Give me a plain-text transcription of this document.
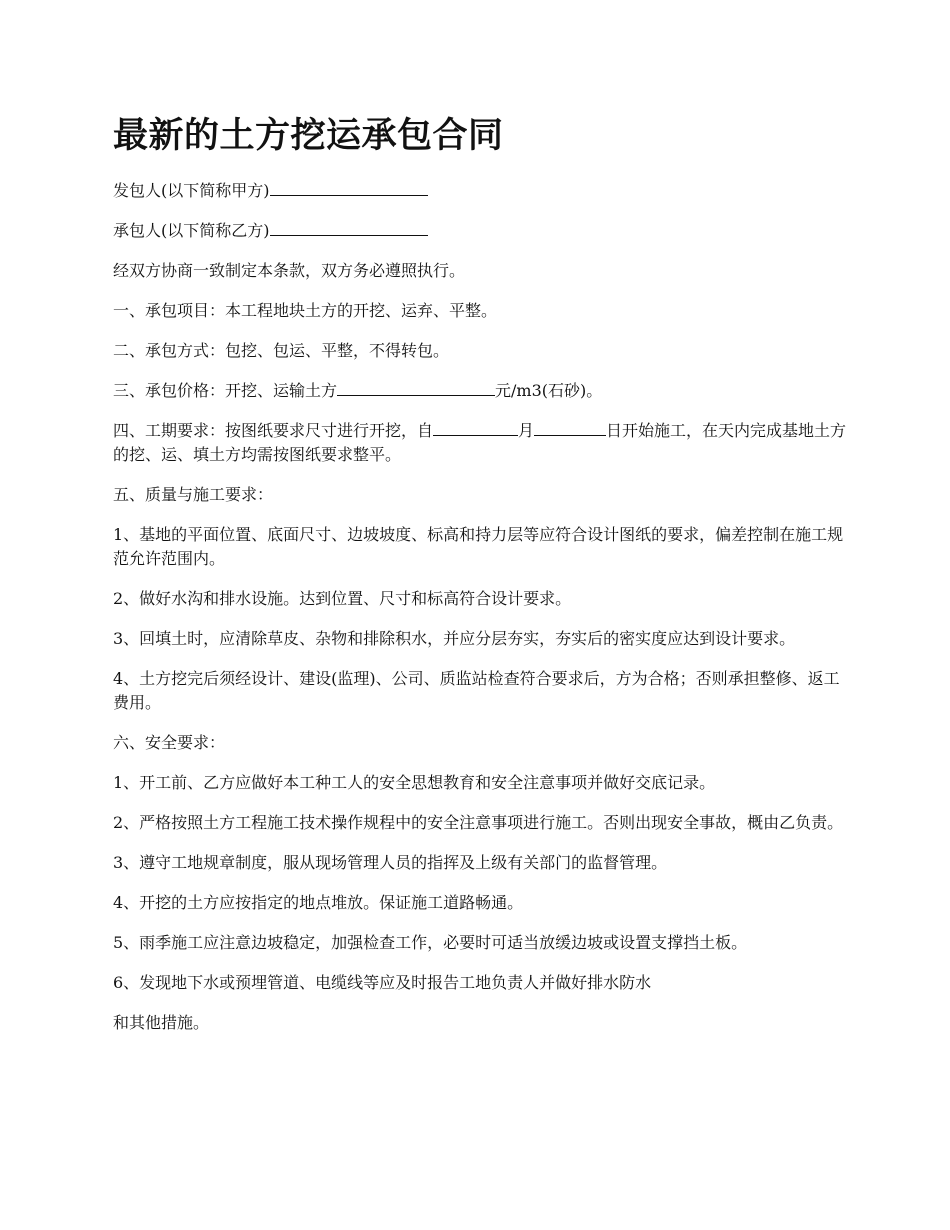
最新的土方挖运承包合同

发包人(以下简称甲方)

承包人(以下简称乙方)

经双方协商一致制定本条款，双方务必遵照执行。

一、承包项目：本工程地块土方的开挖、运弃、平整。

二、承包方式：包挖、包运、平整，不得转包。

三、承包价格：开挖、运输土方	元/m3(石砂)。

四、工期要求：按图纸要求尺寸进行开挖，自	月	日开始施工，在天内完成基地土方的挖、运、填土方均需按图纸要求整平。

五、质量与施工要求：

1、基地的平面位置、底面尺寸、边坡坡度、标高和持力层等应符合设计图纸的要求，偏差控制在施工规范允许范围内。

2、做好水沟和排水设施。达到位置、尺寸和标高符合设计要求。

3、回填土时，应清除草皮、杂物和排除积水，并应分层夯实，夯实后的密实度应达到设计要求。

4、土方挖完后须经设计、建设(监理)、公司、质监站检查符合要求后，方为合格；否则承担整修、返工费用。

六、安全要求：

1、开工前、乙方应做好本工种工人的安全思想教育和安全注意事项并做好交底记录。

2、严格按照土方工程施工技术操作规程中的安全注意事项进行施工。否则出现安全事故，概由乙负责。

3、遵守工地规章制度，服从现场管理人员的指挥及上级有关部门的监督管理。

4、开挖的土方应按指定的地点堆放。保证施工道路畅通。

5、雨季施工应注意边坡稳定，加强检查工作，必要时可适当放缓边坡或设置支撑挡土板。

6、发现地下水或预埋管道、电缆线等应及时报告工地负责人并做好排水防水

和其他措施。
